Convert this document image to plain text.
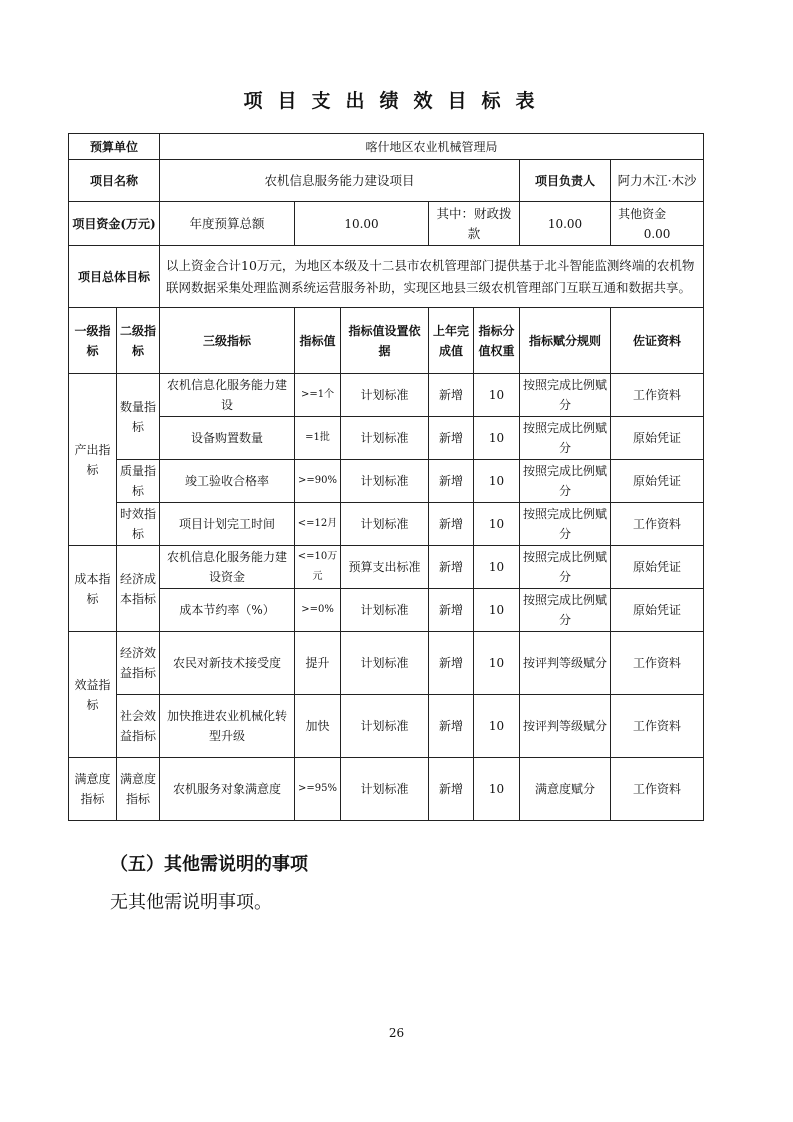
项目支出绩效目标表
预算单位		喀什地区农业机械管理局						
项目名称		农机信息服务能力建设项目					项目负责人	阿力木江·木沙
项目资金(万元)		年度预算总额	10.00		其中：财政拨款		10.00	其他资金  0.00
项目总体目标		以上资金合计10万元，为地区本级及十二县市农机管理部门提供基于北斗智能监测终端的农机物联网数据采集处理监测系统运营服务补助，实现区地县三级农机管理部门互联互通和数据共享。						
一级指标	二级指标	三级指标	指标值	指标值设置依据	上年完成值	指标分值权重	指标赋分规则	佐证资料
产出指标	数量指标	农机信息化服务能力建设	>=1个	计划标准	新增	10	按照完成比例赋分	工作资料
		设备购置数量	=1批	计划标准	新增	10	按照完成比例赋分	原始凭证
	质量指标	竣工验收合格率	>=90%	计划标准	新增	10	按照完成比例赋分	原始凭证
	时效指标	项目计划完工时间	<=12月	计划标准	新增	10	按照完成比例赋分	工作资料
成本指标	经济成本指标	农机信息化服务能力建设资金	<=10万元	预算支出标准	新增	10	按照完成比例赋分	原始凭证
		成本节约率（%）	>=0%	计划标准	新增	10	按照完成比例赋分	原始凭证
效益指标	经济效益指标	农民对新技术接受度	提升	计划标准	新增	10	按评判等级赋分	工作资料
	社会效益指标	加快推进农业机械化转型升级	加快	计划标准	新增	10	按评判等级赋分	工作资料
满意度指标	满意度指标	农机服务对象满意度	>=95%	计划标准	新增	10	满意度赋分	工作资料
（五）其他需说明的事项
无其他需说明事项。
26
